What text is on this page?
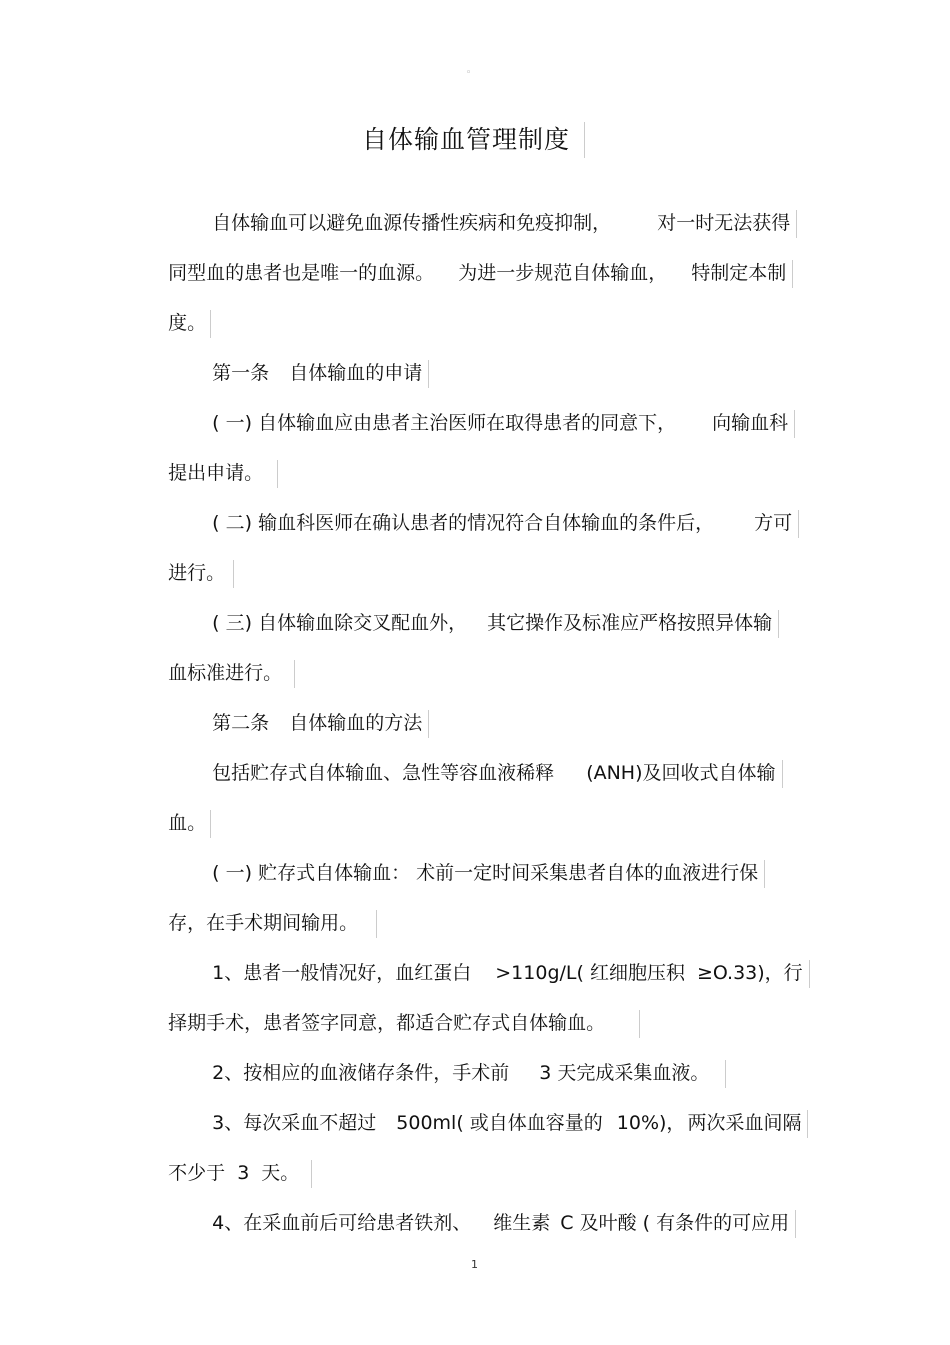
◦
自体输血管理制度

自体输血可以避免血源传播性疾病和免疫抑制， 对一时无法获得

同型血的患者也是唯一的血源。 为进一步规范自体输血， 特制定本制

度。

第一条 自体输血的申请

( 一) 自体输血应由患者主治医师在取得患者的同意下， 向输血科

提出申请。

( 二) 输血科医师在确认患者的情况符合自体输血的条件后， 方可

进行。

( 三) 自体输血除交叉配血外， 其它操作及标准应严格按照异体输

血标准进行。

第二条 自体输血的方法

包括贮存式自体输血、急性等容血液稀释 (ANH)及回收式自体输

血。

( 一) 贮存式自体输血： 术前一定时间采集患者自体的血液进行保

存，在手术期间输用。

1、患者一般情况好，血红蛋白 >110g/L( 红细胞压积 ≥O.33)，行

择期手术，患者签字同意，都适合贮存式自体输血。

2、按相应的血液储存条件，手术前 3 天完成采集血液。

3、每次采血不超过 500ml( 或自体血容量的 10%)， 两次采血间隔

不少于 3 天。

4、在采血前后可给患者铁剂、 维生素 C 及叶酸 ( 有条件的可应用

1
